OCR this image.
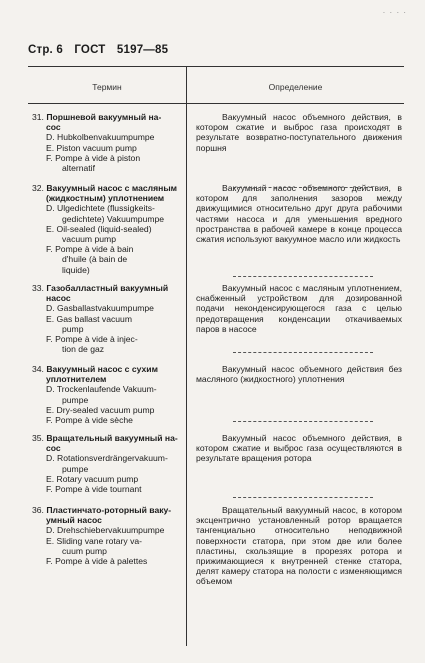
· · · ·
Стр. 6 ГОСТ 5197—85
Термин	Определение
31. Поршневой вакуумный на-
сос
D. Hubkolbenvakuumpumpe
E. Piston vacuum pump
F. Pompe à vide à piston
alternatif
Вакуумный насос объемного действия, в котором сжатие и выброс газа происходят в результате возвратно-поступательного движения поршня
32. Вакуумный насос с масляным
(жидкостным) уплотнением
D. Ulgedichtete (flussigkeits-
gedichtete) Vakuumpumpe
E. Oil-sealed (liquid-sealed)
vacuum pump
F. Pompe à vide à bain
d'huile (à bain de
liquide)
Вакуумный насос объемного действия, в котором для заполнения зазоров между движущимися относительно друг друга рабочими частями насоса и для уменьшения вредного пространства в рабочей камере в конце процесса сжатия используют вакуумное масло или жидкость
33. Газобалластный вакуумный
насос
D. Gasballastvakuumpumpe
E. Gas ballast vacuum
pump
F. Pompe à vide à injec-
tion de gaz
Вакуумный насос с масляным уплотнением, снабженный устройством для дозированной подачи неконденсирующегося газа с целью предотвращения конденсации откачиваемых паров в насосе
34. Вакуумный насос с сухим
уплотнителем
D. Trockenlaufende Vakuum-
pumpe
E. Dry-sealed vacuum pump
F. Pompe à vide sèche
Вакуумный насос объемного действия без масляного (жидкостного) уплотнения
35. Вращательный вакуумный на-
сос
D. Rotationsverdrängervakuum-
pumpe
E. Rotary vacuum pump
F. Pompe à vide tournant
Вакуумный насос объемного действия, в котором сжатие и выброс газа осуществляются в результате вращения ротора
36. Пластинчато-роторный ваку-
умный насос
D. Drehschiebervakuumpumpe
E. Sliding vane rotary va-
cuum pump
F. Pompe à vide à palettes
Вращательный вакуумный насос, в котором эксцентрично установленный ротор вращается тангенциально относительно неподвижной поверхности статора, при этом две или более пластины, скользящие в прорезях ротора и прижимающиеся к внутренней стенке статора, делят камеру статора на полости с изменяющимся объемом
